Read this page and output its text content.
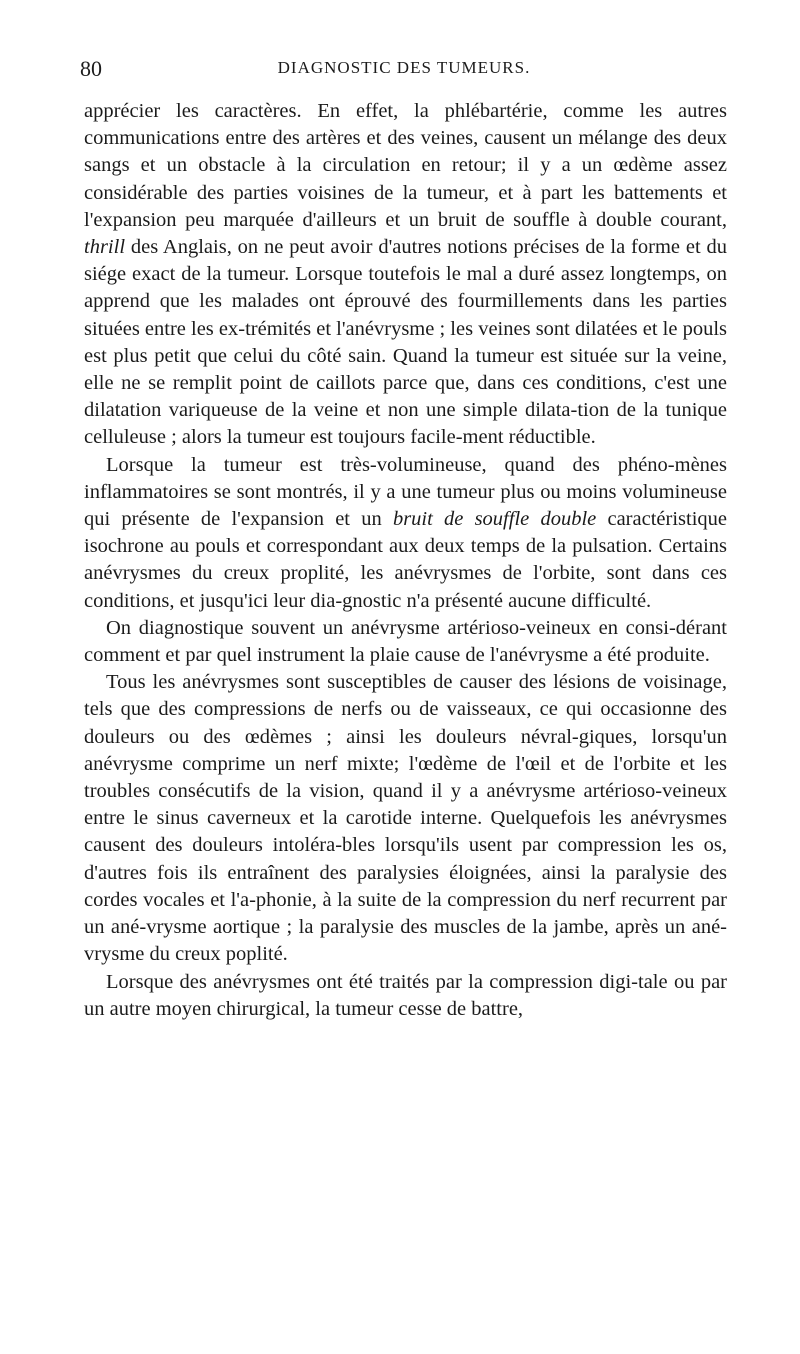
80	DIAGNOSTIC DES TUMEURS.

apprécier les caractères. En effet, la phlébartérie, comme les autres communications entre des artères et des veines, causent un mélange des deux sangs et un obstacle à la circulation en retour; il y a un œdème assez considérable des parties voisines de la tumeur, et à part les battements et l'expansion peu marquée d'ailleurs et un bruit de souffle à double courant, thrill des Anglais, on ne peut avoir d'autres notions précises de la forme et du siége exact de la tumeur. Lorsque toutefois le mal a duré assez longtemps, on apprend que les malades ont éprouvé des fourmillements dans les parties situées entre les ex-trémités et l'anévrysme ; les veines sont dilatées et le pouls est plus petit que celui du côté sain. Quand la tumeur est située sur la veine, elle ne se remplit point de caillots parce que, dans ces conditions, c'est une dilatation variqueuse de la veine et non une simple dilata-tion de la tunique celluleuse ; alors la tumeur est toujours facile-ment réductible.

Lorsque la tumeur est très-volumineuse, quand des phéno-mènes inflammatoires se sont montrés, il y a une tumeur plus ou moins volumineuse qui présente de l'expansion et un bruit de souffle double caractéristique isochrone au pouls et correspondant aux deux temps de la pulsation. Certains anévrysmes du creux proplité, les anévrysmes de l'orbite, sont dans ces conditions, et jusqu'ici leur dia-gnostic n'a présenté aucune difficulté.

On diagnostique souvent un anévrysme artérioso-veineux en consi-dérant comment et par quel instrument la plaie cause de l'anévrysme a été produite.

Tous les anévrysmes sont susceptibles de causer des lésions de voisinage, tels que des compressions de nerfs ou de vaisseaux, ce qui occasionne des douleurs ou des œdèmes ; ainsi les douleurs névral-giques, lorsqu'un anévrysme comprime un nerf mixte; l'œdème de l'œil et de l'orbite et les troubles consécutifs de la vision, quand il y a anévrysme artérioso-veineux entre le sinus caverneux et la carotide interne. Quelquefois les anévrysmes causent des douleurs intoléra-bles lorsqu'ils usent par compression les os, d'autres fois ils entraînent des paralysies éloignées, ainsi la paralysie des cordes vocales et l'a-phonie, à la suite de la compression du nerf recurrent par un ané-vrysme aortique ; la paralysie des muscles de la jambe, après un ané-vrysme du creux poplité.

Lorsque des anévrysmes ont été traités par la compression digi-tale ou par un autre moyen chirurgical, la tumeur cesse de battre,
